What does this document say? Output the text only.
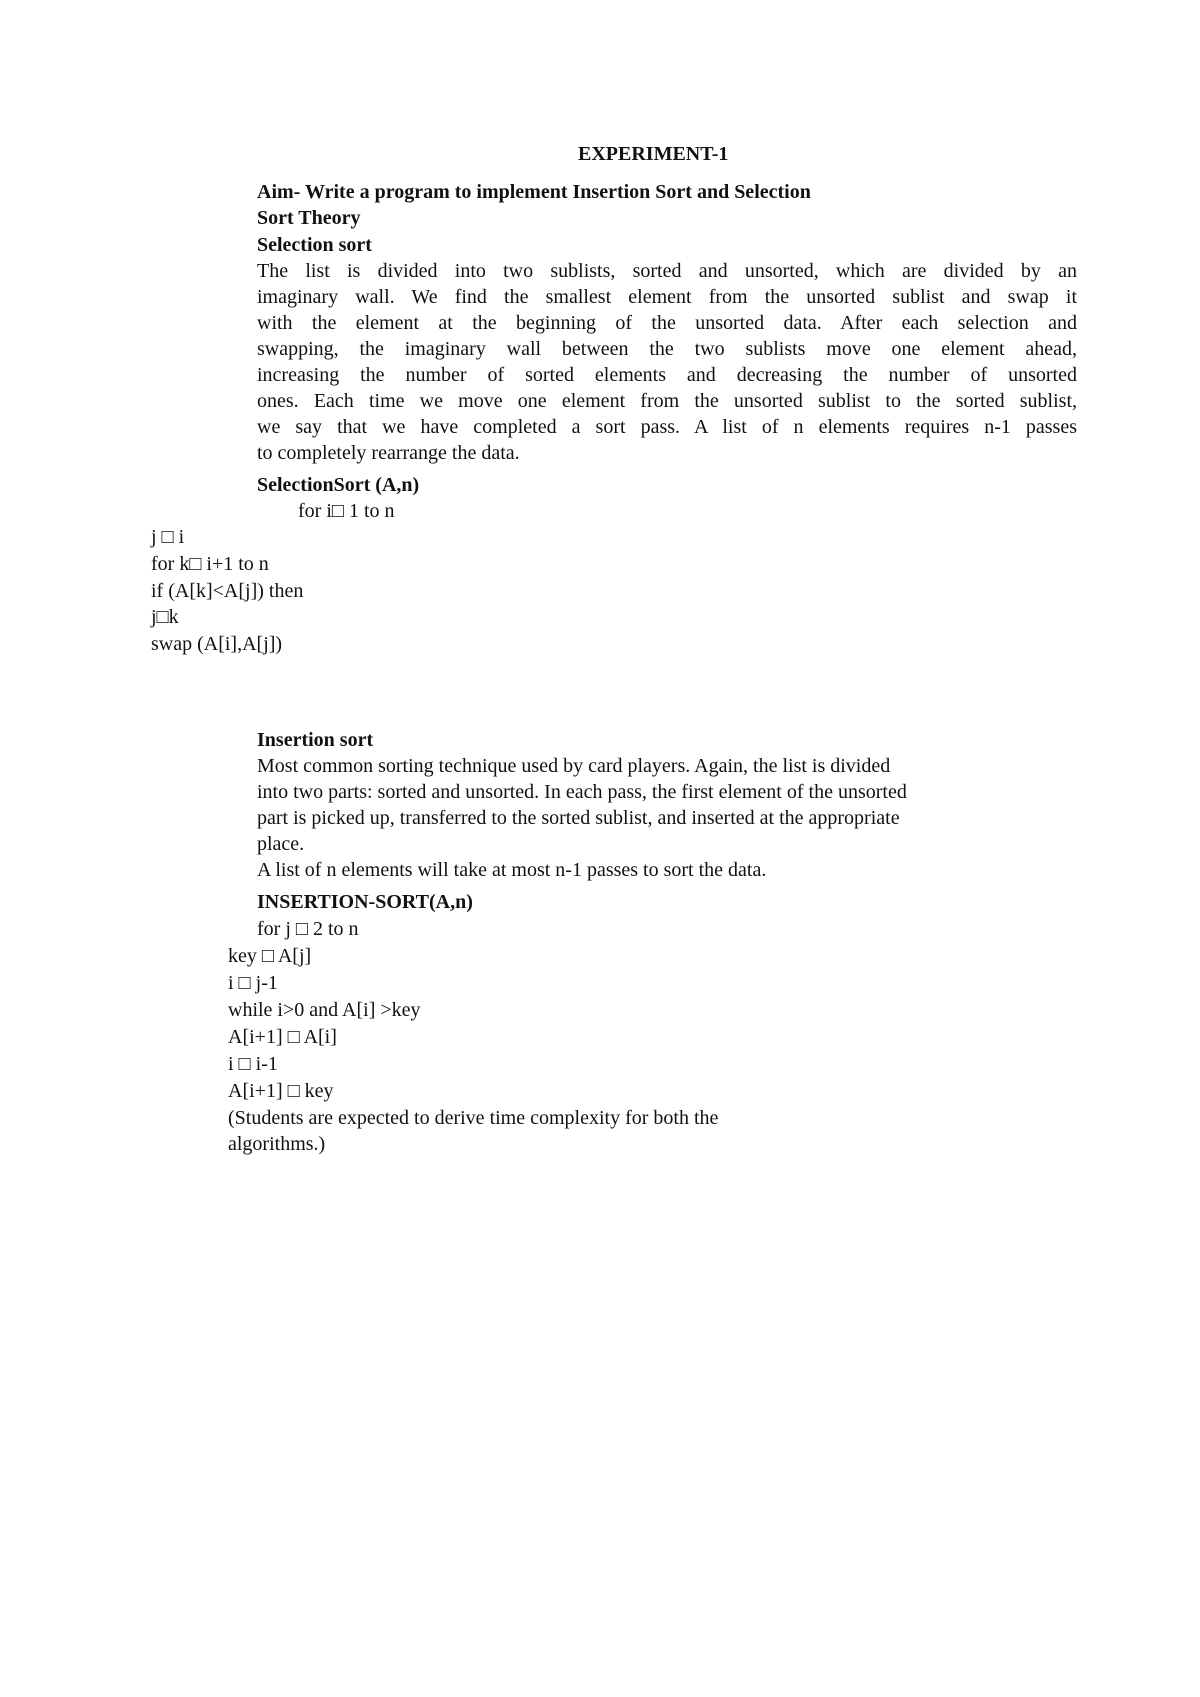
EXPERIMENT-1
Aim- Write a program to implement Insertion Sort and Selection
Sort Theory
Selection sort
The list is divided into two sublists, sorted and unsorted, which are divided by an
imaginary wall. We find the smallest element from the unsorted sublist and swap it
with the element at the beginning of the unsorted data. After each selection and
swapping, the imaginary wall between the two sublists move one element ahead,
increasing the number of sorted elements and decreasing the number of unsorted
ones. Each time we move one element from the unsorted sublist to the sorted sublist,
we say that we have completed a sort pass. A list of n elements requires n-1 passes
to completely rearrange the data.
SelectionSort (A,n)
for i□ 1 to n
j □ i
for k□ i+1 to n
if (A[k]<A[j]) then
j□k
swap (A[i],A[j])
Insertion sort
Most common sorting technique used by card players. Again, the list is divided
into two parts: sorted and unsorted. In each pass, the first element of the unsorted
part is picked up, transferred to the sorted sublist, and inserted at the appropriate
place.
A list of n elements will take at most n-1 passes to sort the data.
INSERTION-SORT(A,n)
for j □ 2 to n
key □ A[j]
i □ j-1
while i>0 and A[i] >key
A[i+1] □ A[i]
i □ i-1
A[i+1] □ key
(Students are expected to derive time complexity for both the
algorithms.)
